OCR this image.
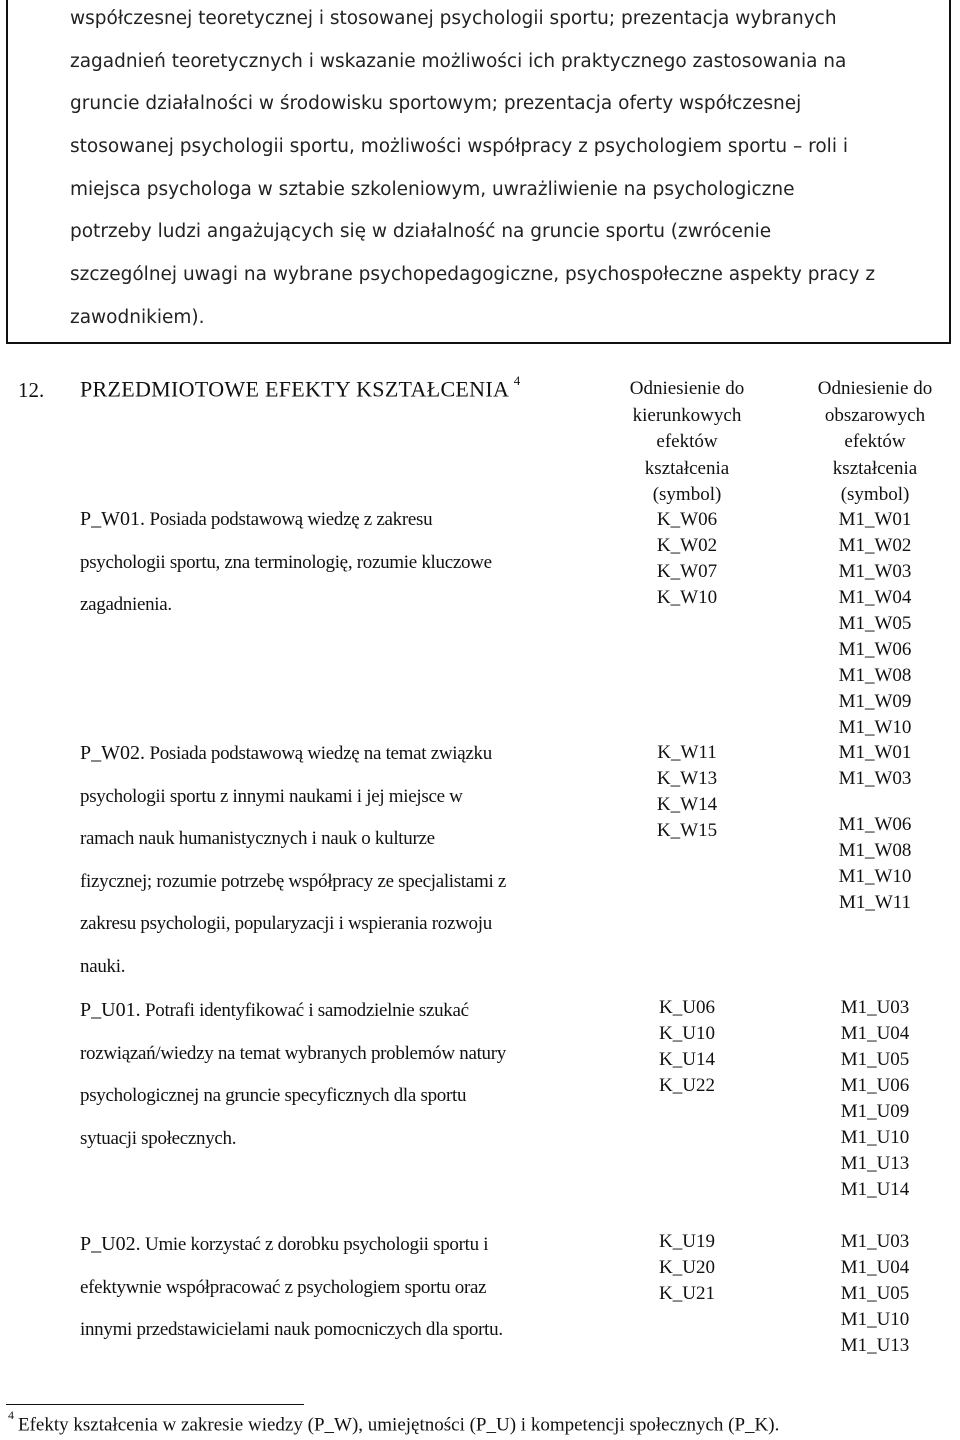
współczesnej teoretycznej i stosowanej psychologii sportu; prezentacja wybranych
zagadnień teoretycznych i wskazanie możliwości ich praktycznego zastosowania na
gruncie działalności w środowisku sportowym; prezentacja oferty współczesnej
stosowanej psychologii sportu, możliwości współpracy z psychologiem sportu – roli i
miejsca psychologa w sztabie szkoleniowym, uwrażliwienie na psychologiczne
potrzeby ludzi angażujących się w działalność na gruncie sportu (zwrócenie
szczególnej uwagi na wybrane psychopedagogiczne, psychospołeczne aspekty pracy z
zawodnikiem).
12. PRZEDMIOTOWE EFEKTY KSZTAŁCENIA $^4$	Odniesienie do
kierunkowych
efektów
kształcenia
(symbol)
Odniesienie do
obszarowych
efektów
kształcenia
(symbol)
P_W01. Posiada podstawową wiedzę z zakresu
psychologii sportu, zna terminologię, rozumie kluczowe
zagadnienia.
K_W06
K_W02
K_W07
K_W10
M1_W01
M1_W02
M1_W03
M1_W04
M1_W05
M1_W06
M1_W08
M1_W09
M1_W10
P_W02. Posiada podstawową wiedzę na temat związku
psychologii sportu z innymi naukami i jej miejsce w
ramach nauk humanistycznych i nauk o kulturze
fizycznej; rozumie potrzebę współpracy ze specjalistami z
zakresu psychologii, popularyzacji i wspierania rozwoju
nauki.
K_W11
K_W13
K_W14
K_W15
M1_W01
M1_W03
M1_W06
M1_W08
M1_W10
M1_W11
P_U01. Potrafi identyfikować i samodzielnie szukać
rozwiązań/wiedzy na temat wybranych problemów natury
psychologicznej na gruncie specyficznych dla sportu
sytuacji społecznych.
K_U06
K_U10
K_U14
K_U22
M1_U03
M1_U04
M1_U05
M1_U06
M1_U09
M1_U10
M1_U13
M1_U14
P_U02. Umie korzystać z dorobku psychologii sportu i
efektywnie współpracować z psychologiem sportu oraz
innymi przedstawicielami nauk pomocniczych dla sportu.
K_U19
K_U20
K_U21
M1_U03
M1_U04
M1_U05
M1_U10
M1_U13
$^4$ Efekty kształcenia w zakresie wiedzy (P_W), umiejętności (P_U) i kompetencji społecznych (P_K).
